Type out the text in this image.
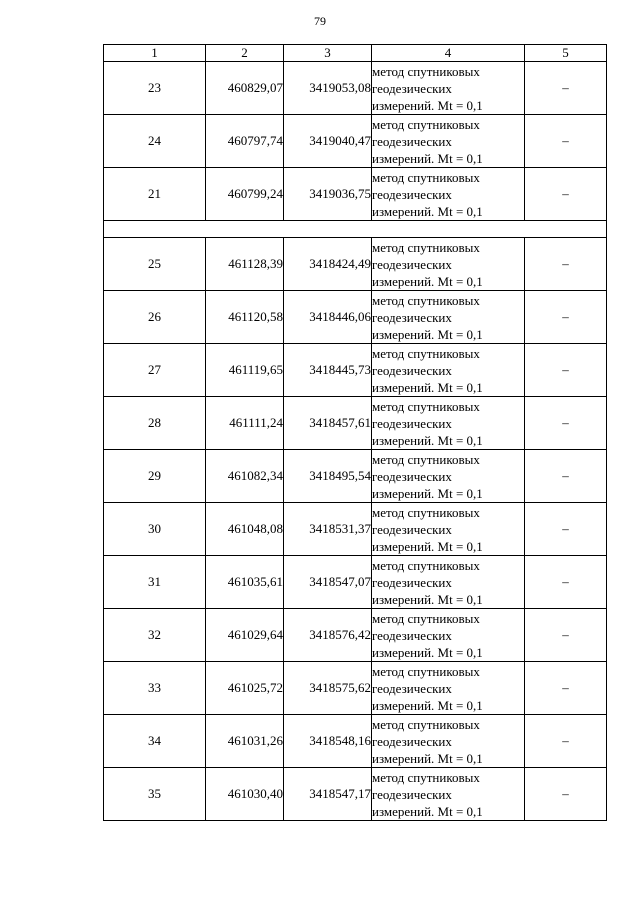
79
1	2	3	4	5
23	460829,07	3419053,08	метод спутниковых
геодезических
измерений. Mt = 0,1	–
24	460797,74	3419040,47	метод спутниковых
геодезических
измерений. Mt = 0,1	–
21	460799,24	3419036,75	метод спутниковых
геодезических
измерений. Mt = 0,1	–

25	461128,39	3418424,49	метод спутниковых
геодезических
измерений. Mt = 0,1	–
26	461120,58	3418446,06	метод спутниковых
геодезических
измерений. Mt = 0,1	–
27	461119,65	3418445,73	метод спутниковых
геодезических
измерений. Mt = 0,1	–
28	461111,24	3418457,61	метод спутниковых
геодезических
измерений. Mt = 0,1	–
29	461082,34	3418495,54	метод спутниковых
геодезических
измерений. Mt = 0,1	–
30	461048,08	3418531,37	метод спутниковых
геодезических
измерений. Mt = 0,1	–
31	461035,61	3418547,07	метод спутниковых
геодезических
измерений. Mt = 0,1	–
32	461029,64	3418576,42	метод спутниковых
геодезических
измерений. Mt = 0,1	–
33	461025,72	3418575,62	метод спутниковых
геодезических
измерений. Mt = 0,1	–
34	461031,26	3418548,16	метод спутниковых
геодезических
измерений. Mt = 0,1	–
35	461030,40	3418547,17	метод спутниковых
геодезических
измерений. Mt = 0,1	–
